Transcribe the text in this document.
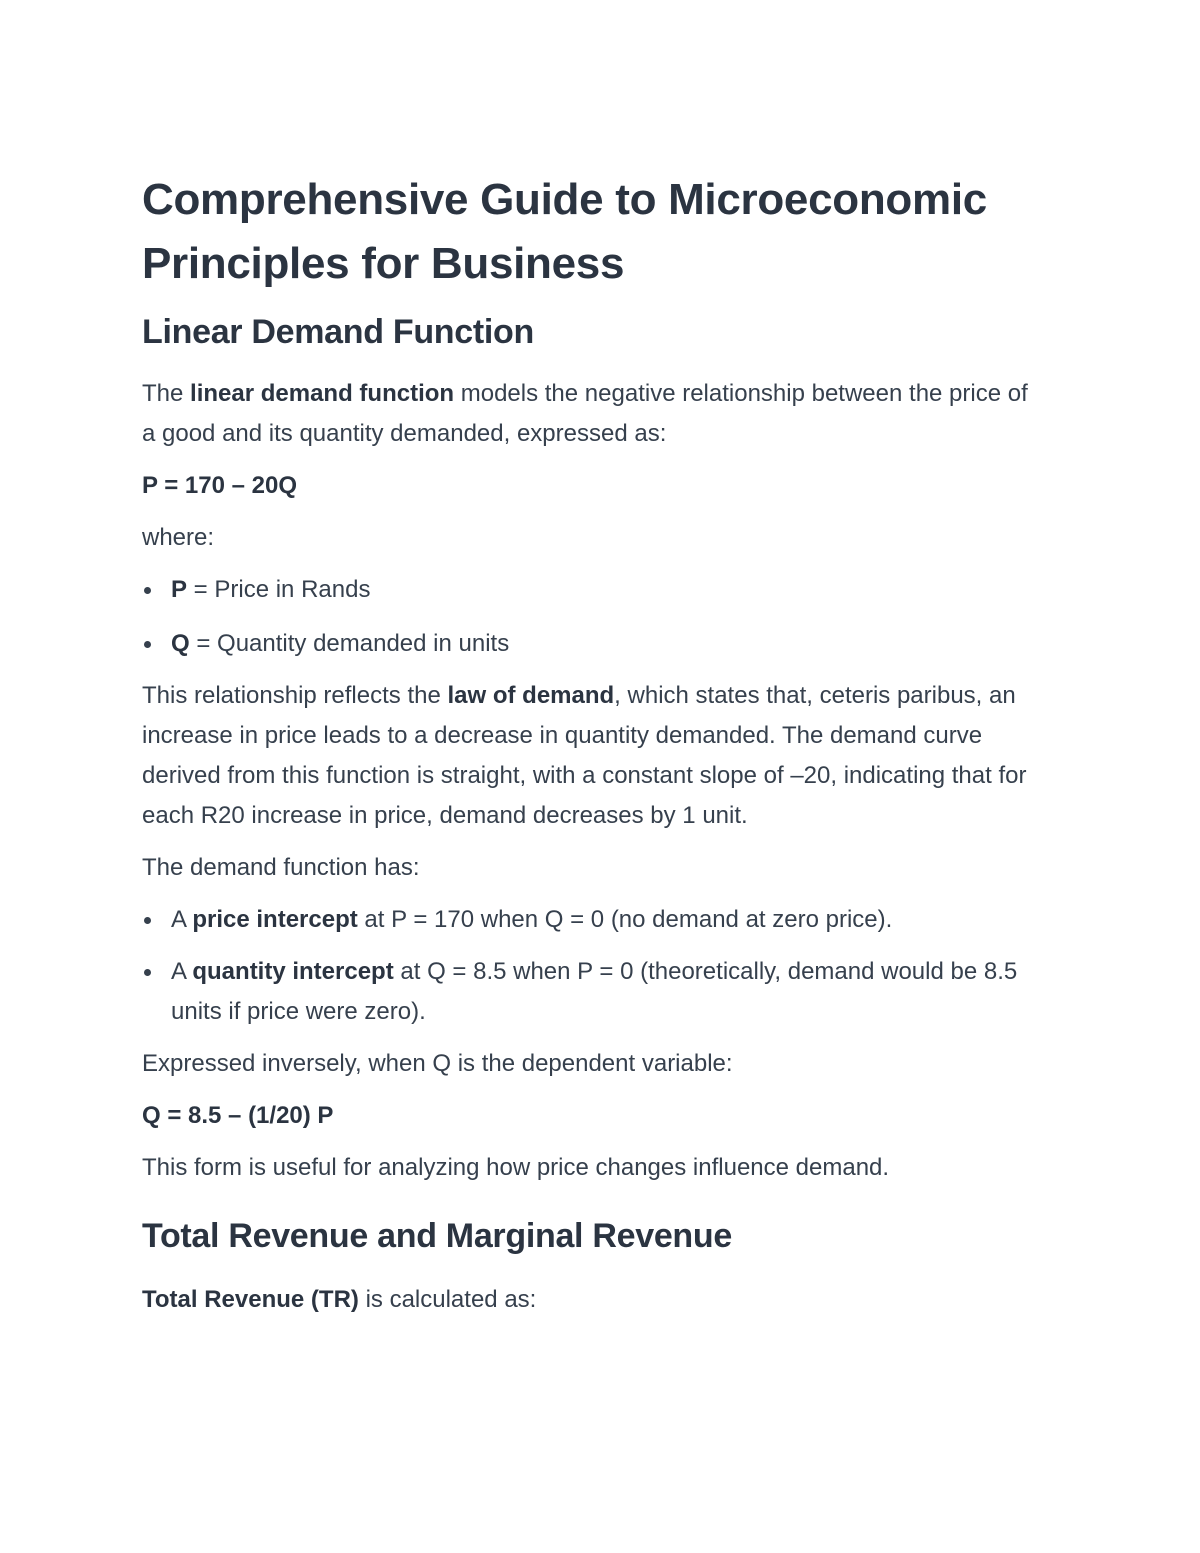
Comprehensive Guide to Microeconomic Principles for Business
Linear Demand Function

The linear demand function models the negative relationship between the price of a good and its quantity demanded, expressed as:

P = 170 – 20Q

where:

P = Price in Rands
Q = Quantity demanded in units

This relationship reflects the law of demand, which states that, ceteris paribus, an increase in price leads to a decrease in quantity demanded. The demand curve derived from this function is straight, with a constant slope of –20, indicating that for each R20 increase in price, demand decreases by 1 unit.

The demand function has:

A price intercept at P = 170 when Q = 0 (no demand at zero price).
A quantity intercept at Q = 8.5 when P = 0 (theoretically, demand would be 8.5 units if price were zero).

Expressed inversely, when Q is the dependent variable:

Q = 8.5 – (1/20) P

This form is useful for analyzing how price changes influence demand.

Total Revenue and Marginal Revenue

Total Revenue (TR) is calculated as:
